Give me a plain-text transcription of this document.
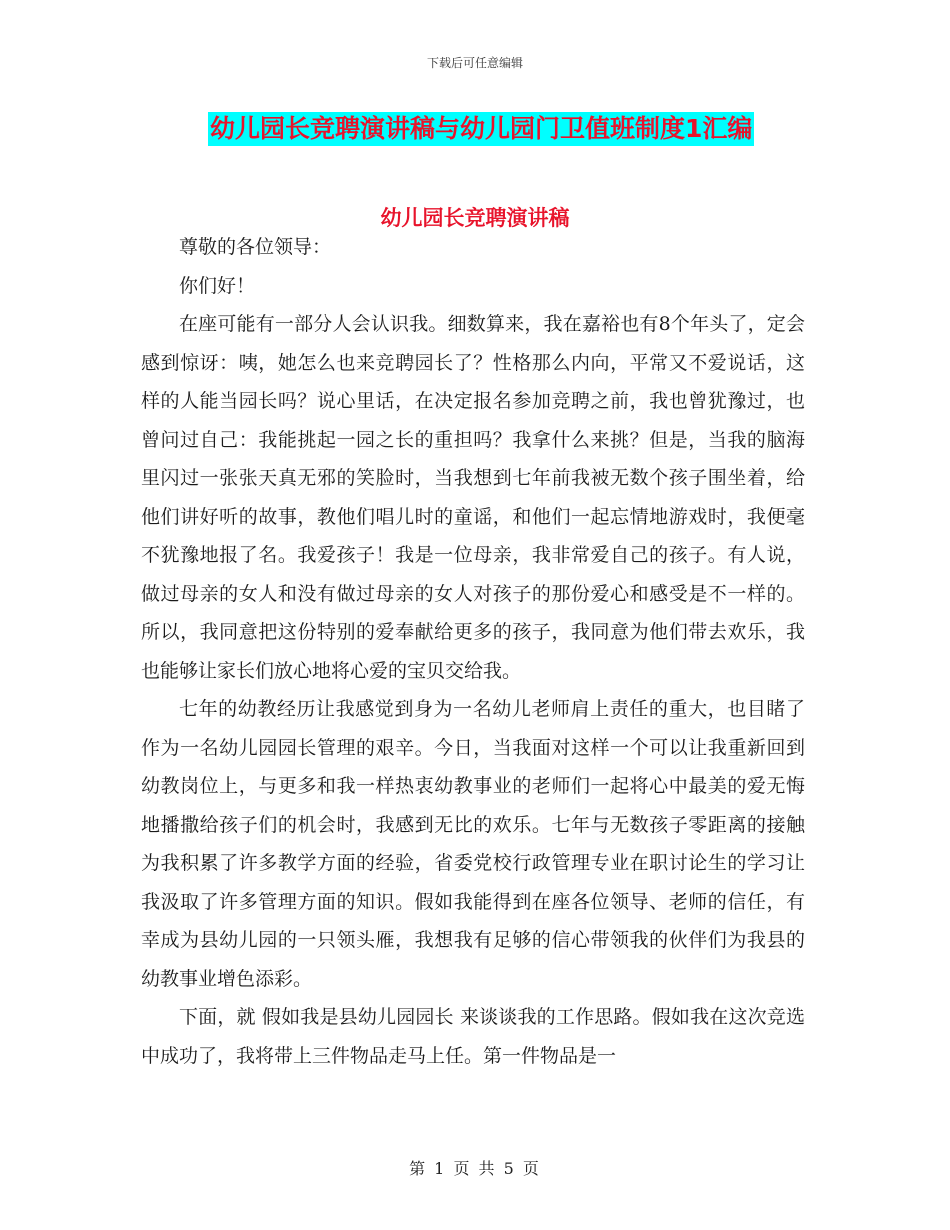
下载后可任意编辑
幼儿园长竞聘演讲稿与幼儿园门卫值班制度1汇编
幼儿园长竞聘演讲稿

尊敬的各位领导：

你们好！

在座可能有一部分人会认识我。细数算来，我在嘉裕也有8个年头了，定会感到惊讶：咦，她怎么也来竞聘园长了？性格那么内向，平常又不爱说话，这样的人能当园长吗？说心里话，在决定报名参加竞聘之前，我也曾犹豫过，也曾问过自己：我能挑起一园之长的重担吗？我拿什么来挑？但是，当我的脑海里闪过一张张天真无邪的笑脸时，当我想到七年前我被无数个孩子围坐着，给他们讲好听的故事，教他们唱儿时的童谣，和他们一起忘情地游戏时，我便毫不犹豫地报了名。我爱孩子！我是一位母亲，我非常爱自己的孩子。有人说，做过母亲的女人和没有做过母亲的女人对孩子的那份爱心和感受是不一样的。所以，我同意把这份特别的爱奉献给更多的孩子，我同意为他们带去欢乐，我也能够让家长们放心地将心爱的宝贝交给我。

七年的幼教经历让我感觉到身为一名幼儿老师肩上责任的重大，也目睹了作为一名幼儿园园长管理的艰辛。今日，当我面对这样一个可以让我重新回到幼教岗位上，与更多和我一样热衷幼教事业的老师们一起将心中最美的爱无悔地播撒给孩子们的机会时，我感到无比的欢乐。七年与无数孩子零距离的接触为我积累了许多教学方面的经验，省委党校行政管理专业在职讨论生的学习让我汲取了许多管理方面的知识。假如我能得到在座各位领导、老师的信任，有幸成为县幼儿园的一只领头雁，我想我有足够的信心带领我的伙伴们为我县的幼教事业增色添彩。

下面，就 假如我是县幼儿园园长 来谈谈我的工作思路。假如我在这次竞选中成功了，我将带上三件物品走马上任。第一件物品是一

第 1 页 共 5 页
